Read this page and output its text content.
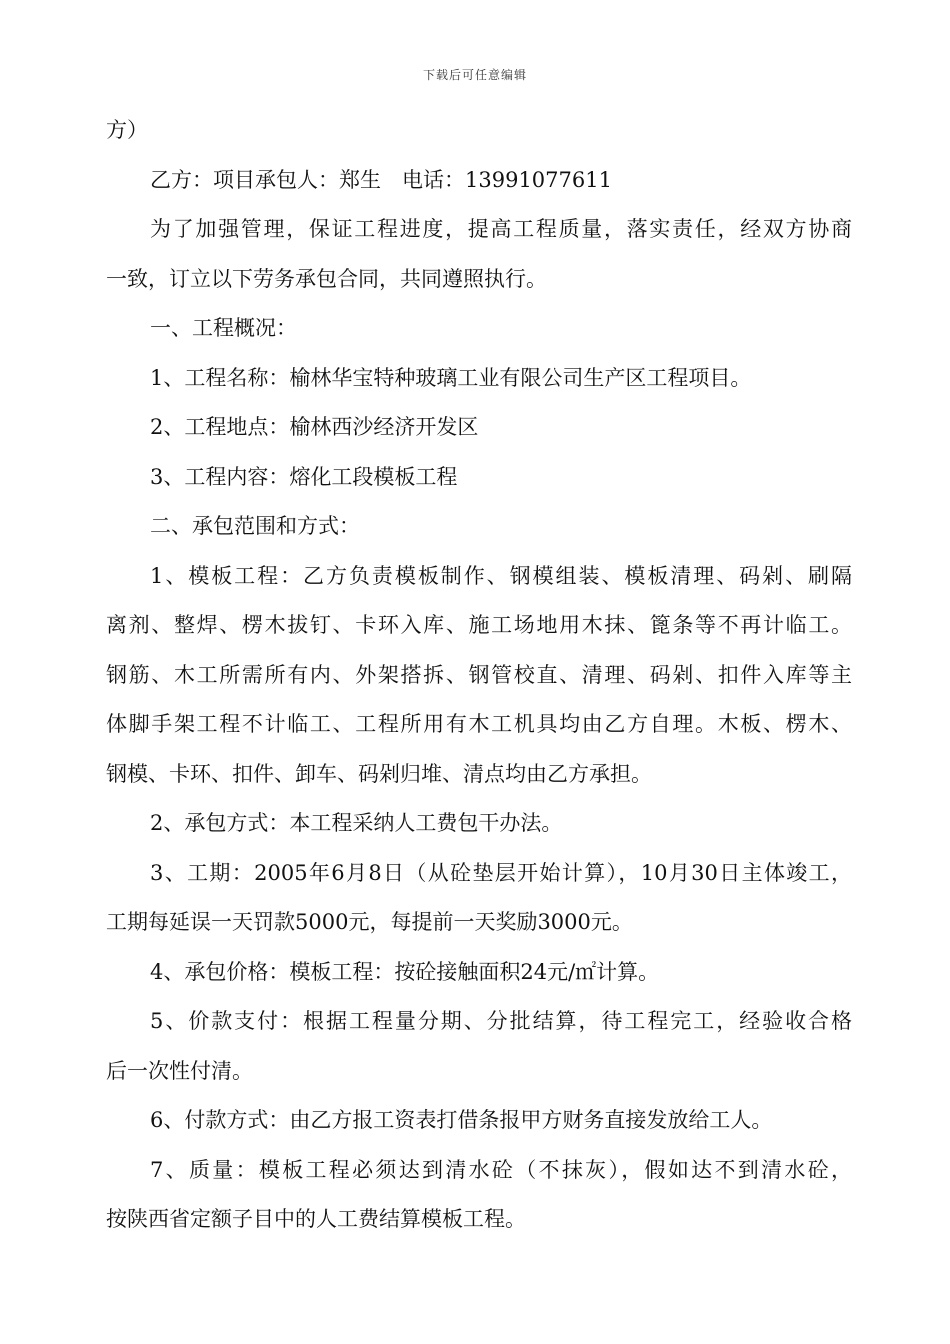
下载后可任意编辑
方）
乙方：项目承包人：郑生　电话：13991077611
为了加强管理，保证工程进度，提高工程质量，落实责任，经双方协商
一致，订立以下劳务承包合同，共同遵照执行。
一、工程概况：
1、工程名称：榆林华宝特种玻璃工业有限公司生产区工程项目。
2、工程地点：榆林西沙经济开发区
3、工程内容：熔化工段模板工程
二、承包范围和方式：
1、模板工程：乙方负责模板制作、钢模组装、模板清理、码剁、刷隔
离剂、整焊、楞木拔钉、卡环入库、施工场地用木抹、篦条等不再计临工。
钢筋、木工所需所有内、外架搭拆、钢管校直、清理、码剁、扣件入库等主
体脚手架工程不计临工、工程所用有木工机具均由乙方自理。木板、楞木、
钢模、卡环、扣件、卸车、码剁归堆、清点均由乙方承担。
2、承包方式：本工程采纳人工费包干办法。
3、工期：2005年6月8日（从砼垫层开始计算），10月30日主体竣工，
工期每延误一天罚款5000元，每提前一天奖励3000元。
4、承包价格：模板工程：按砼接触面积24元/㎡计算。
5、价款支付：根据工程量分期、分批结算，待工程完工，经验收合格
后一次性付清。
6、付款方式：由乙方报工资表打借条报甲方财务直接发放给工人。
7、质量：模板工程必须达到清水砼（不抹灰），假如达不到清水砼，
按陕西省定额子目中的人工费结算模板工程。
